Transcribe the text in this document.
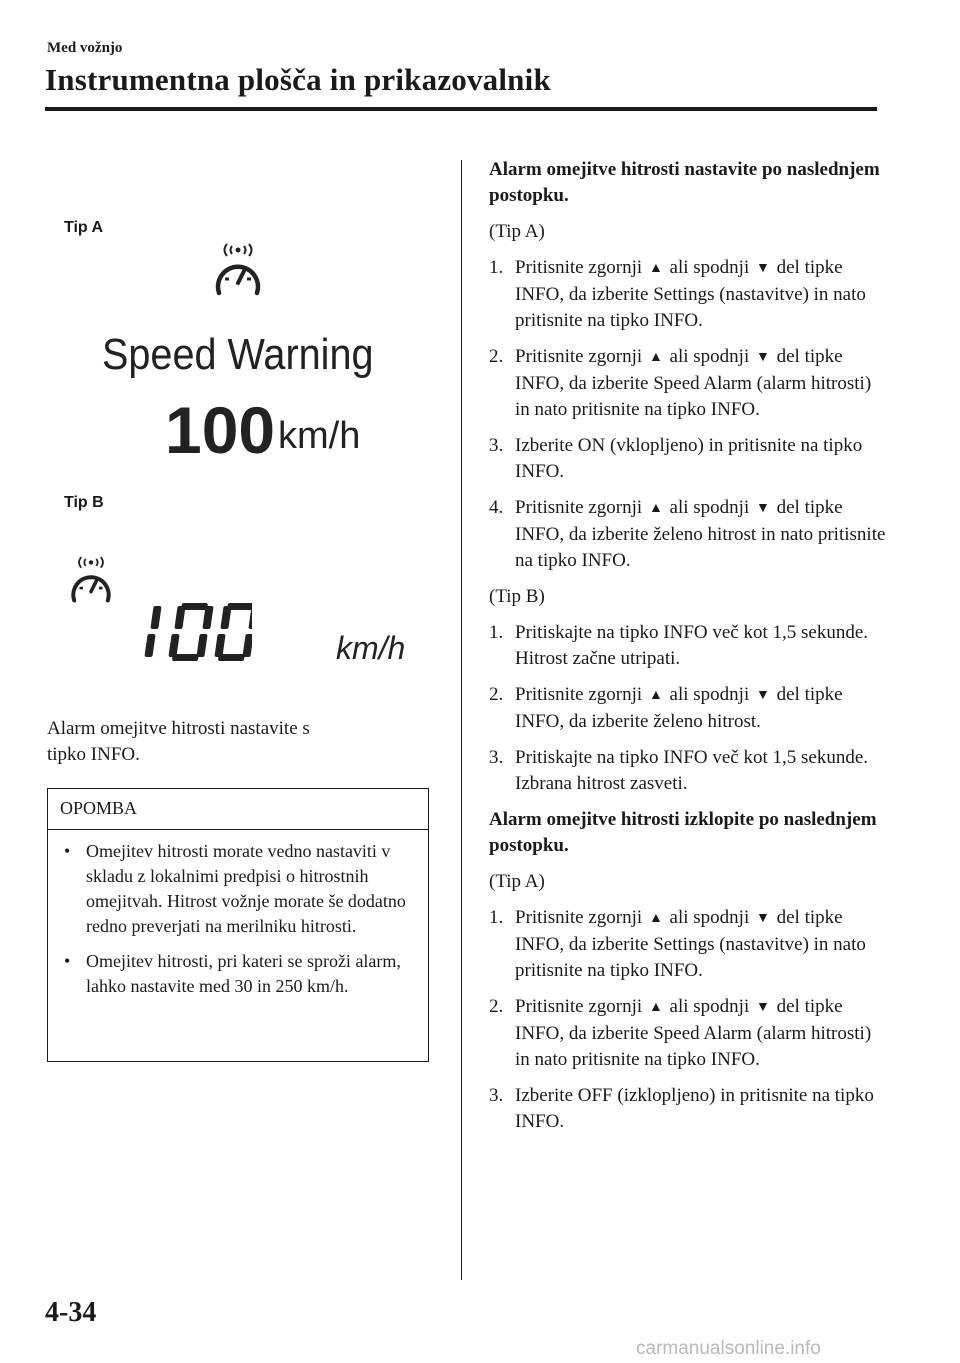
Med vožnjo
Instrumentna plošča in prikazovalnik
Tip A
Speed Warning
100 km/h
Tip B
km/h
Alarm omejitve hitrosti nastavite s
tipko INFO.
OPOMBA
• Omejitev hitrosti morate vedno nastaviti v skladu z lokalnimi predpisi o hitrostnih omejitvah. Hitrost vožnje morate še dodatno redno preverjati na merilniku hitrosti.
• Omejitev hitrosti, pri kateri se sproži alarm, lahko nastavite med 30 in 250 km/h.
Alarm omejitve hitrosti nastavite po naslednjem postopku.
(Tip A)
1. Pritisnite zgornji ▲ ali spodnji ▼ del tipke INFO, da izberite Settings (nastavitve) in nato pritisnite na tipko INFO.
2. Pritisnite zgornji ▲ ali spodnji ▼ del tipke INFO, da izberite Speed Alarm (alarm hitrosti) in nato pritisnite na tipko INFO.
3. Izberite ON (vklopljeno) in pritisnite na tipko INFO.
4. Pritisnite zgornji ▲ ali spodnji ▼ del tipke INFO, da izberite želeno hitrost in nato pritisnite na tipko INFO.
(Tip B)
1. Pritiskajte na tipko INFO več kot 1,5 sekunde. Hitrost začne utripati.
2. Pritisnite zgornji ▲ ali spodnji ▼ del tipke INFO, da izberite želeno hitrost.
3. Pritiskajte na tipko INFO več kot 1,5 sekunde. Izbrana hitrost zasveti.
Alarm omejitve hitrosti izklopite po naslednjem postopku.
(Tip A)
1. Pritisnite zgornji ▲ ali spodnji ▼ del tipke INFO, da izberite Settings (nastavitve) in nato pritisnite na tipko INFO.
2. Pritisnite zgornji ▲ ali spodnji ▼ del tipke INFO, da izberite Speed Alarm (alarm hitrosti) in nato pritisnite na tipko INFO.
3. Izberite OFF (izklopljeno) in pritisnite na tipko INFO.
4-34
carmanualsonline.info
